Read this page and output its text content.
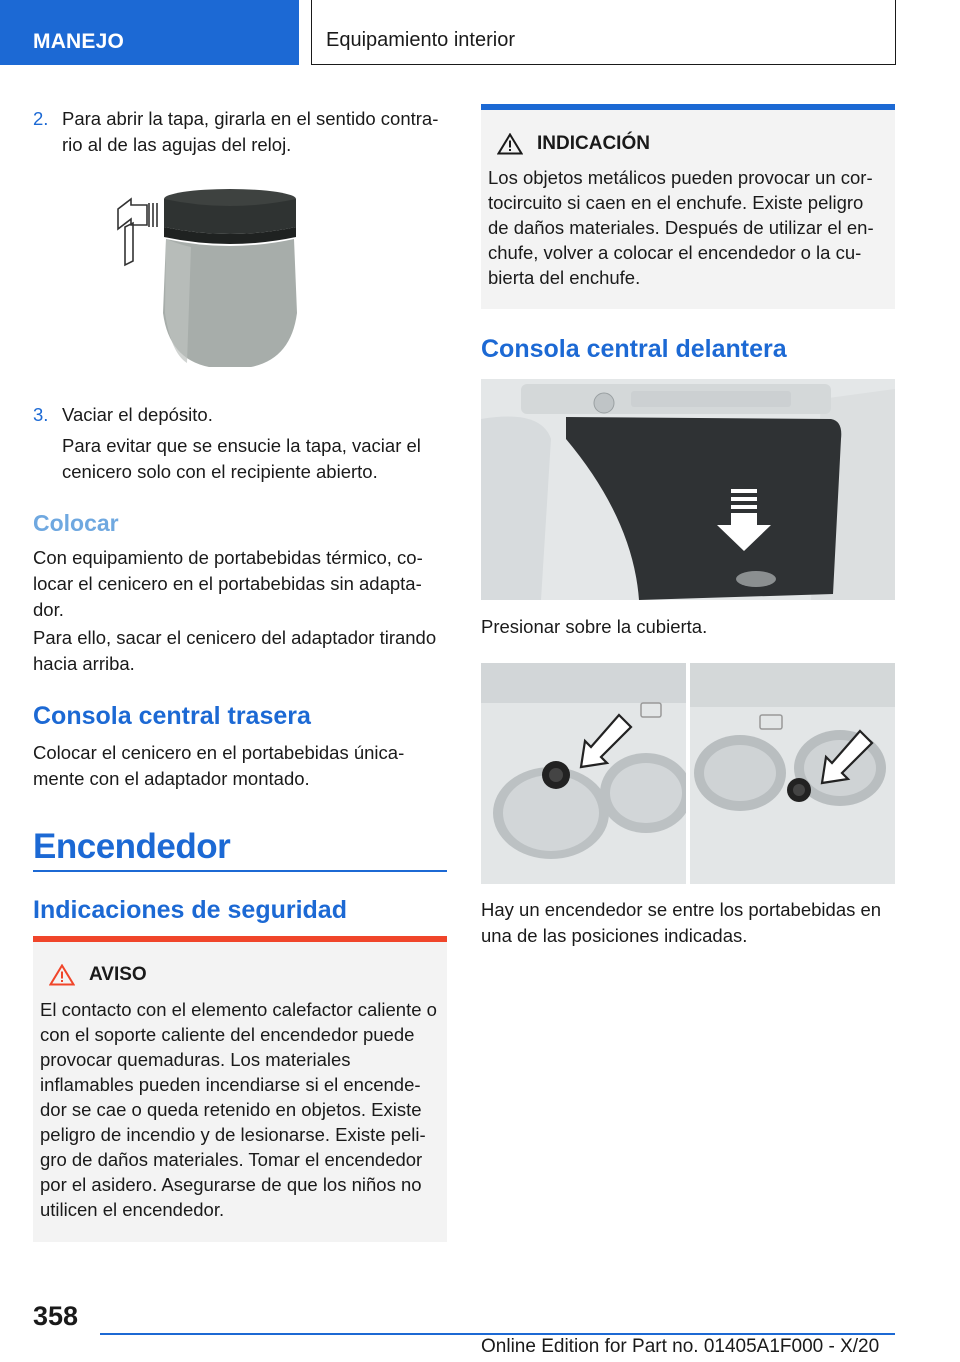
MANEJO	Equipamiento interior
2. Para abrir la tapa, girarla en el sentido contra-rio al de las agujas del reloj.
3. Vaciar el depósito.
Para evitar que se ensucie la tapa, vaciar el cenicero solo con el recipiente abierto.
Colocar

Con equipamiento de portabebidas térmico, co-locar el cenicero en el portabebidas sin adapta-dor.

Para ello, sacar el cenicero del adaptador tirando hacia arriba.

Consola central trasera

Colocar el cenicero en el portabebidas única-mente con el adaptador montado.

Encendedor
Indicaciones de seguridad
AVISO
El contacto con el elemento calefactor caliente o con el soporte caliente del encendedor puede provocar quemaduras. Los materiales inflamables pueden incendiarse si el encende-dor se cae o queda retenido en objetos. Existe peligro de incendio y de lesionarse. Existe peli-gro de daños materiales. Tomar el encendedor por el asidero. Asegurarse de que los niños no utilicen el encendedor.
INDICACIÓN
Los objetos metálicos pueden provocar un cor-tocircuito si caen en el enchufe. Existe peligro de daños materiales. Después de utilizar el en-chufe, volver a colocar el encendedor o la cu-bierta del enchufe.
Consola central delantera

Presionar sobre la cubierta.

Hay un encendedor se entre los portabebidas en una de las posiciones indicadas.

358
Online Edition for Part no. 01405A1F000 - X/20
